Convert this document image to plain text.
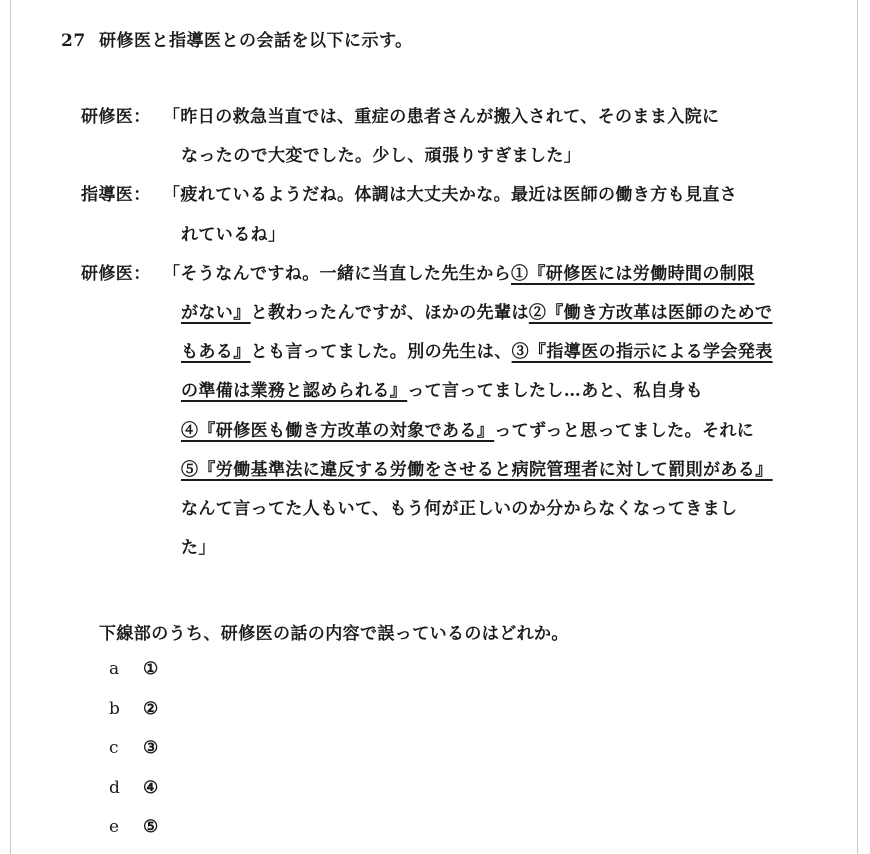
27 研修医と指導医との会話を以下に示す。
研修医： 「昨日の救急当直では、重症の患者さんが搬入されて、そのまま入院に
なったので大変でした。少し、頑張りすぎました」
指導医： 「疲れているようだね。体調は大丈夫かな。最近は医師の働き方も見直さ
れているね」
研修医： 「そうなんですね。一緒に当直した先生から①『研修医には労働時間の制限
がない』と教わったんですが、ほかの先輩は②『働き方改革は医師のためで
もある』とも言ってました。別の先生は、③『指導医の指示による学会発表
の準備は業務と認められる』って言ってましたし…あと、私自身も
④『研修医も働き方改革の対象である』ってずっと思ってました。それに
⑤『労働基準法に違反する労働をさせると病院管理者に対して罰則がある』
なんて言ってた人もいて、もう何が正しいのか分からなくなってきまし
た」
下線部のうち、研修医の話の内容で誤っているのはどれか。
a ①
b ②
c ③
d ④
e ⑤
